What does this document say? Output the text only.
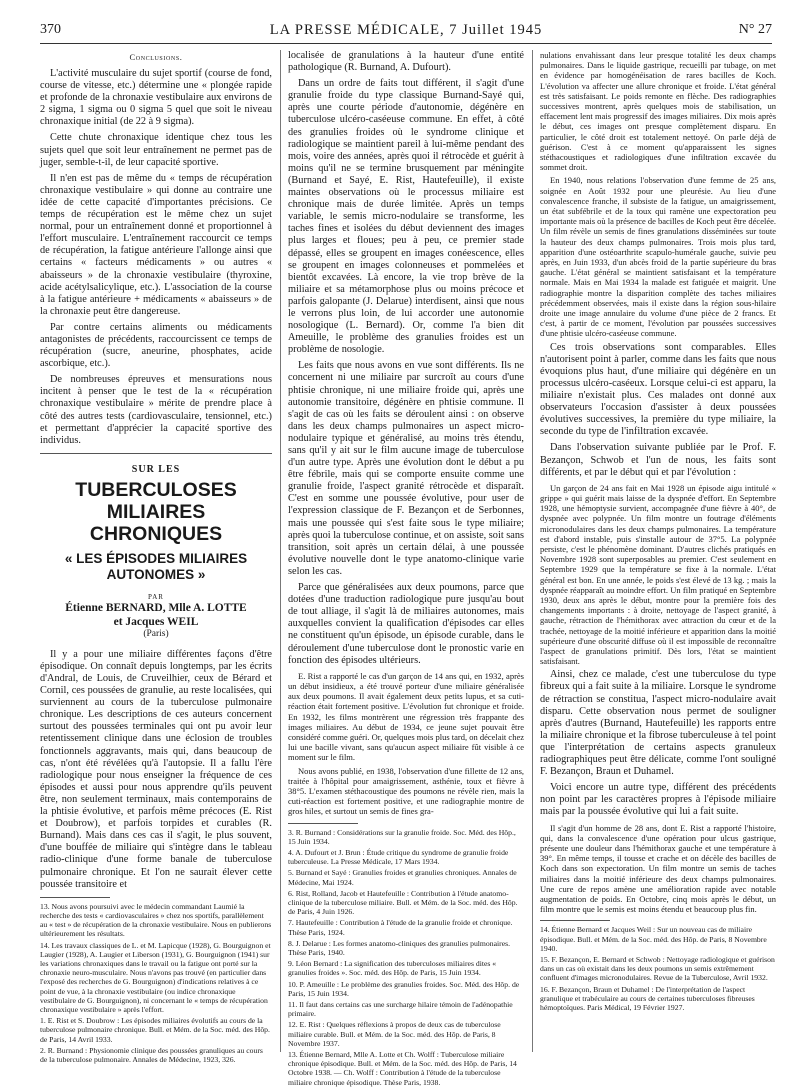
370	LA PRESSE MÉDICALE, 7 Juillet 1945	N° 27
Conclusions.

L'activité musculaire du sujet sportif (course de fond, course de vitesse, etc.) détermine une « plongée rapide et profonde de la chronaxie vestibulaire aux environs de 2 sigma, 1 sigma ou 0 sigma 5 quel que soit le niveau chronaxique initial (de 22 à 9 sigma).

Cette chute chronaxique identique chez tous les sujets quel que soit leur entraînement ne permet pas de juger, semble-t-il, de leur capacité sportive.

Il n'en est pas de même du « temps de récupération chronaxique vestibulaire » qui donne au contraire une idée de cette capacité d'importantes précisions. Ce temps de récupération est le même chez un sujet normal, pour un entraînement donné et proportionnel à l'effort musculaire. L'entraînement raccourcit ce temps de récupération, la fatigue antérieure l'allonge ainsi que certains « facteurs médicaments » ou autres « abaisseurs » de la chronaxie vestibulaire (thyroxine, acide acétylsalicylique, etc.). L'association de la course à la fatigue antérieure + médicaments « abaisseurs » de la chronaxie peut être dangereuse.

Par contre certains aliments ou médicaments antagonistes de précédents, raccourcissent ce temps de récupération (sucre, aneurine, phosphates, acide ascorbique, etc.).

De nombreuses épreuves et mensurations nous incitent à penser que le test de la « récupération chronaxique vestibulaire » mérite de prendre place à côté des autres tests (cardiovasculaire, tensionnel, etc.) et permettant d'apprécier la capacité sportive des individus.

SUR LES
TUBERCULOSES MILIAIRES CHRONIQUES
« LES ÉPISODES MILIAIRES AUTONOMES »
PAR
Étienne BERNARD, Mlle A. LOTTE
et Jacques WEIL
(Paris)

Il y a pour une miliaire différentes façons d'être épisodique. On connaît depuis longtemps, par les écrits d'Andral, de Louis, de Cruveilhier, ceux de Bérard et Cornil, ces poussées de granulie, au reste localisées, qui surviennent au cours de la tuberculose pulmonaire chronique. Les descriptions de ces auteurs concernent surtout des poussées terminales qui ont pu avoir leur retentissement clinique dans une éclosion de troubles fonctionnels aggravants, mais qui, dans beaucoup de cas, n'ont été révélées qu'à l'autopsie. Il a fallu l'ère radiologique pour nous enseigner la fréquence de ces épisodes et aussi pour nous apprendre qu'ils peuvent être, non seulement terminaux, mais contemporains de la phtisie évolutive, et parfois même précoces (E. Rist et Doubrow), et parfois torpides et curables (R. Burnand). Mais dans ces cas il s'agit, le plus souvent, d'une bouffée de miliaire qui s'intègre dans le tableau radio-clinique d'une forme banale de tuberculose pulmonaire chronique. Et l'on ne saurait élever cette poussée transitoire et

13. Nous avons poursuivi avec le médecin commandant Laumié la recherche des tests « cardiovasculaires » chez nos sportifs, parallèlement au « test » de récupération de la chronaxie vestibulaire. Nous en publierons ultérieurement les résultats.

14. Les travaux classiques de L. et M. Lapicque (1928), G. Bourguignon et Laugier (1928), A. Laugier et Liberson (1931), G. Bourguignon (1941) sur les variations chronaxiques dans le travail ou la fatigue ont porté sur la chronaxie neuro-musculaire. Nous n'avons pas trouvé (en particulier dans l'exposé des recherches de G. Bourguignon) d'indications relatives à ce point de vue, à la chronaxie vestibulaire (ou indice chronaxique vestibulaire de G. Bourguignon), ni concernant le « temps de récupération chronaxique vestibulaire » après l'effort.

1. E. Rist et S. Doubrow : Les épisodes miliaires évolutifs au cours de la tuberculose pulmonaire chronique. Bull. et Mém. de la Soc. méd. des Hôp. de Paris, 14 Avril 1933.

2. R. Burnand : Physionomie clinique des poussées granuliques au cours de la tuberculose pulmonaire. Annales de Médecine, 1923, 326.

localisée de granulations à la hauteur d'une entité pathologique (R. Burnand, A. Dufourt).

Dans un ordre de faits tout différent, il s'agit d'une granulie froide du type classique Burnand-Sayé qui, après une courte période d'autonomie, dégénère en tuberculose ulcéro-caséeuse commune. En effet, à côté des granulies froides où le syndrome clinique et radiologique se maintient pareil à lui-même pendant des mois, voire des années, après quoi il rétrocède et guérit à moins qu'il ne se termine brusquement par méningite (Burnand et Sayé, E. Rist, Hautefeuille), il existe maintes observations où le processus miliaire est chronique mais de durée limitée. Après un temps variable, le semis micro-nodulaire se transforme, les taches fines et isolées du début deviennent des images plus larges et floues; peu à peu, ce premier stade dépassé, elles se groupent en images conéescence, elles se groupent en images colonneuses et pommelées et bientôt excavées. Là encore, la vie trop brève de la miliaire et sa métamorphose plus ou moins précoce et parfois galopante (J. Delarue) interdisent, ainsi que nous le verrons plus loin, de lui accorder une autonomie nosologique (L. Bernard). Or, comme l'a bien dit Ameuille, le problème des granulies froides est un problème de nosologie.

Les faits que nous avons en vue sont différents. Ils ne concernent ni une miliaire par surcroît au cours d'une phtisie chronique, ni une miliaire froide qui, après une autonomie transitoire, dégénère en phtisie commune. Il s'agit de cas où les faits se déroulent ainsi : on observe dans les deux champs pulmonaires un aspect micro-nodulaire typique et généralisé, au moins très étendu, sans qu'il y ait sur le film aucune image de tuberculose d'un autre type. Après une évolution dont le début a pu être fébrile, mais qui se comporte ensuite comme une granulie froide, l'aspect granité rétrocède et disparaît. C'est en somme une poussée évolutive, pour user de l'expression classique de F. Bezançon et de Serbonnes, mais une poussée qui s'est faite sous le type miliaire; après quoi la tuberculose continue, et on assiste, soit sans transition, soit après un certain délai, à une poussée évolutive nouvelle dont le type anatomo-clinique varie selon les cas.

Parce que généralisées aux deux poumons, parce que dotées d'une traduction radiologique pure jusqu'au bout de tout alliage, il s'agit là de miliaires autonomes, mais auxquelles convient la qualification d'épisodes car elles ne constituent qu'un épisode, un épisode curable, dans le déroulement d'une tuberculose dont le pronostic varie en fonction des épisodes ultérieurs.

E. Rist a rapporté le cas d'un garçon de 14 ans qui, en 1932, après un début insidieux, a été trouvé porteur d'une miliaire généralisée aux deux poumons. Il avait également deux petits lupus, et sa cuti-réaction était fortement positive. L'évolution fut chronique et froide. En 1932, les films montrèrent une régression très frappante des images miliaires. Au début de 1934, ce jeune sujet pouvait être considéré comme guéri. Or, quelques mois plus tard, on décelait chez lui une bacille vivant, sans qu'aucun aspect miliaire fût visible à ce moment sur le film.

Nous avons publié, en 1938, l'observation d'une fillette de 12 ans, traitée à l'hôpital pour amaigrissement, asthénie, toux et fièvre à 38°5. L'examen stéthacoustique des poumons ne révèle rien, mais la cuti-réaction est fortement positive, et une radiographie montre de gros hiles, et surtout un semis de fines gra-

3. R. Burnand : Considérations sur la granulie froide. Soc. Méd. des Hôp., 15 Juin 1934.

4. A. Dufourt et J. Brun : Étude critique du syndrome de granulie froide tuberculeuse. La Presse Médicale, 17 Mars 1934.

5. Burnand et Sayé : Granulies froides et granulies chroniques. Annales de Médecine, Mai 1924.

6. Rist, Rolland, Jacob et Hautefeuille : Contribution à l'étude anatomo-clinique de la tuberculose miliaire. Bull. et Mém. de la Soc. méd. des Hôp. de Paris, 4 Juin 1926.

7. Hautefeuille : Contribution à l'étude de la granulie froide et chronique. Thèse Paris, 1924.

8. J. Delarue : Les formes anatomo-cliniques des granulies pulmonaires. Thèse Paris, 1940.

9. Léon Bernard : La signification des tuberculoses miliaires dites « granulies froides ». Soc. méd. des Hôp. de Paris, 15 Juin 1934.

10. P. Ameuille : Le problème des granulies froides. Soc. Méd. des Hôp. de Paris, 15 Juin 1934.

11. Il faut dans certains cas une surcharge hilaire témoin de l'adénopathie primaire.

12. E. Rist : Quelques réflexions à propos de deux cas de tuberculose miliaire curable. Bull. et Mém. de la Soc. méd. des Hôp. de Paris, 8 Novembre 1937.

13. Étienne Bernard, Mlle A. Lotte et Ch. Wolff : Tuberculose miliaire chronique épisodique. Bull. et Mém. de la Soc. méd. des Hôp. de Paris, 14 Octobre 1938. — Ch. Wolff : Contribution à l'étude de la tuberculose miliaire chronique épisodique. Thèse Paris, 1938.

nulations envahissant dans leur presque totalité les deux champs pulmonaires. Dans le liquide gastrique, recueilli par tubage, on met en évidence par homogénéisation de rares bacilles de Koch. L'évolution va affecter une allure chronique et froide. L'état général est très satisfaisant. Le poids remonte en flèche. Des radiographies successives montrent, après quelques mois de stabilisation, un effacement lent mais progressif des images miliaires. Dix mois après le début, ces images ont presque complètement disparu. En particulier, le côté droit est totalement nettoyé. On parle déjà de guérison. C'est à ce moment qu'apparaissent les signes stéthacoustiques et radiologiques d'une infiltration excavée du sommet droit.

En 1940, nous relations l'observation d'une femme de 25 ans, soignée en Août 1932 pour une pleurésie. Au lieu d'une convalescence franche, il subsiste de la fatigue, un amaigrissement, un état subfébrile et de la toux qui ramène une expectoration peu importante mais où la présence de bacilles de Koch peut être décelée. Un film révèle un semis de fines granulations disséminées sur toute la hauteur des deux champs pulmonaires. Trois mois plus tard, apparition d'une ostéoarthrite scapulo-humérale gauche, suivie peu après, en Juin 1933, d'un abcès froid de la partie supérieure du bras gauche. L'état général se maintient satisfaisant et la température normale. Mais en Mai 1934 la malade est fatiguée et maigrit. Une radiographie montre la disparition complète des taches miliaires précédemment observées, mais il existe dans la région sous-hilaire droite une image annulaire du volume d'une pièce de 2 francs. Et c'est, à partir de ce moment, l'évolution par poussées successives d'une phtisie ulcéro-caséeuse commune.

Ces trois observations sont comparables. Elles n'autorisent point à parler, comme dans les faits que nous évoquions plus haut, d'une miliaire qui dégénère en un processus ulcéro-caséeux. Lorsque celui-ci est apparu, la miliaire n'existait plus. Ces malades ont donné aux observateurs l'occasion d'assister à deux poussées évolutives successives, la première du type miliaire, la seconde du type de l'infiltration excavée.

Dans l'observation suivante publiée par le Prof. F. Bezançon, Schwob et l'un de nous, les faits sont différents, et par le début qui et par l'évolution :

Un garçon de 24 ans fait en Mai 1928 un épisode aigu intitulé « grippe » qui guérit mais laisse de la dyspnée d'effort. En Septembre 1928, une hémoptysie survient, accompagnée d'une fièvre à 40°, de dyspnée avec polypnée. Un film montre un foutrage d'éléments micronodulaires dans les deux champs pulmonaires. La température est d'abord instable, puis s'installe autour de 37°5. La polypnée persiste, c'est le phénomène dominant. D'autres clichés pratiqués en Novembre 1928 sont superposables au premier. C'est seulement en Septembre 1929 que la température se fixe à la normale. L'état général est bon. En une année, le poids s'est élevé de 13 kg. ; mais la dyspnée réapparaît au moindre effort. Un film pratiqué en Septembre 1930, deux ans après le début, montre pour la première fois des changements importants : à droite, nettoyage de l'aspect granité, à gauche, rétraction de l'hémithorax avec attraction du cœur et de la trachée, nettoyage de la moitié inférieure et apparition dans la moitié supérieure d'une obscurité diffuse où il est impossible de reconnaître l'aspect de granulations primitif. Dès lors, l'état se maintient satisfaisant.

Ainsi, chez ce malade, c'est une tuberculose du type fibreux qui a fait suite à la miliaire. Lorsque le syndrome de rétraction se constitua, l'aspect micro-nodulaire avait disparu. Cette observation nous permet de souligner après d'autres (Burnand, Hautefeuille) les rapports entre la miliaire chronique et la fibrose tuberculeuse à tel point que l'interprétation de certains aspects granuleux radiographiques peut être délicate, comme l'ont souligné F. Bezançon, Braun et Duhamel.

Voici encore un autre type, différent des précédents non point par les caractères propres à l'épisode miliaire mais par la poussée évolutive qui lui a fait suite.

Il s'agit d'un homme de 28 ans, dont E. Rist a rapporté l'histoire, qui, dans la convalescence d'une opération pour ulcus gastrique, présente une douleur dans l'hémithorax gauche et une température à 39°. En même temps, il tousse et crache et on décèle des bacilles de Koch dans son expectoration. Un film montre un semis de taches miliaires dans la moitié inférieure des deux champs pulmonaires. Une cure de repos amène une amélioration rapide avec notable augmentation de poids. En Octobre, cinq mois après le début, un film montre que le semis est moins étendu et beaucoup plus fin.

14. Étienne Bernard et Jacques Weil : Sur un nouveau cas de miliaire épisodique. Bull. et Mém. de la Soc. méd. des Hôp. de Paris, 8 Novembre 1940.

15. F. Bezançon, E. Bernard et Schwob : Nettoyage radiologique et guérison dans un cas où existait dans les deux poumons un semis extrêmement confluent d'images micronodulaires. Revue de la Tuberculose, Avril 1932.

16. F. Bezançon, Braun et Duhamel : De l'interprétation de l'aspect granulique et trabéculaire au cours de certaines tuberculoses fibreuses hémoptoïques. Paris Médical, 19 Février 1927.
